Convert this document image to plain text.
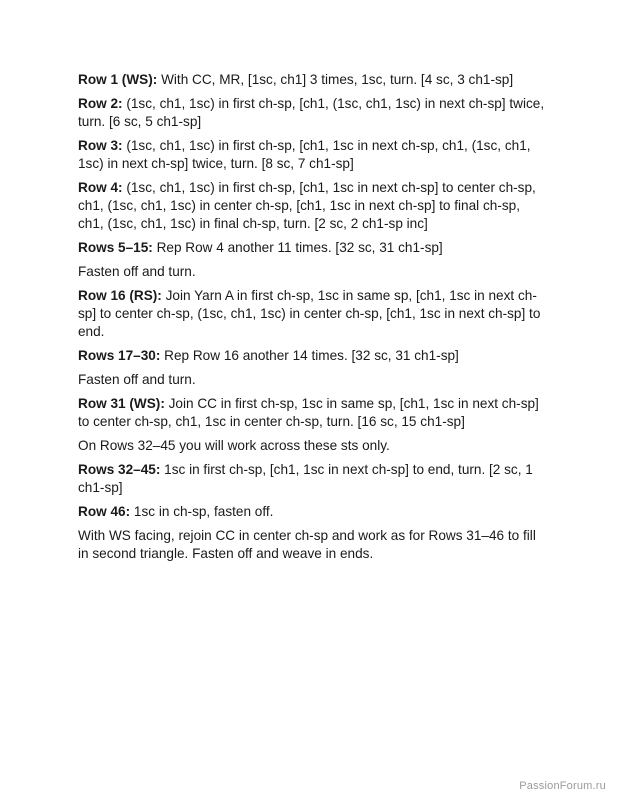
Row 1 (WS): With CC, MR, [1sc, ch1] 3 times, 1sc, turn. [4 sc, 3 ch1-sp]

Row 2: (1sc, ch1, 1sc) in first ch-sp, [ch1, (1sc, ch1, 1sc) in next ch-sp] twice, turn. [6 sc, 5 ch1-sp]

Row 3: (1sc, ch1, 1sc) in first ch-sp, [ch1, 1sc in next ch-sp, ch1, (1sc, ch1, 1sc) in next ch-sp] twice, turn. [8 sc, 7 ch1-sp]

Row 4: (1sc, ch1, 1sc) in first ch-sp, [ch1, 1sc in next ch-sp] to center ch-sp, ch1, (1sc, ch1, 1sc) in center ch-sp, [ch1, 1sc in next ch-sp] to final ch-sp, ch1, (1sc, ch1, 1sc) in final ch-sp, turn. [2 sc, 2 ch1-sp inc]

Rows 5–15: Rep Row 4 another 11 times. [32 sc, 31 ch1-sp]

Fasten off and turn.

Row 16 (RS): Join Yarn A in first ch-sp, 1sc in same sp, [ch1, 1sc in next ch-sp] to center ch-sp, (1sc, ch1, 1sc) in center ch-sp, [ch1, 1sc in next ch-sp] to end.

Rows 17–30: Rep Row 16 another 14 times. [32 sc, 31 ch1-sp]

Fasten off and turn.

Row 31 (WS): Join CC in first ch-sp, 1sc in same sp, [ch1, 1sc in next ch-sp] to center ch-sp, ch1, 1sc in center ch-sp, turn. [16 sc, 15 ch1-sp]

On Rows 32–45 you will work across these sts only.

Rows 32–45: 1sc in first ch-sp, [ch1, 1sc in next ch-sp] to end, turn. [2 sc, 1 ch1-sp]

Row 46: 1sc in ch-sp, fasten off.

With WS facing, rejoin CC in center ch-sp and work as for Rows 31–46 to fill in second triangle. Fasten off and weave in ends.

PassionForum.ru
